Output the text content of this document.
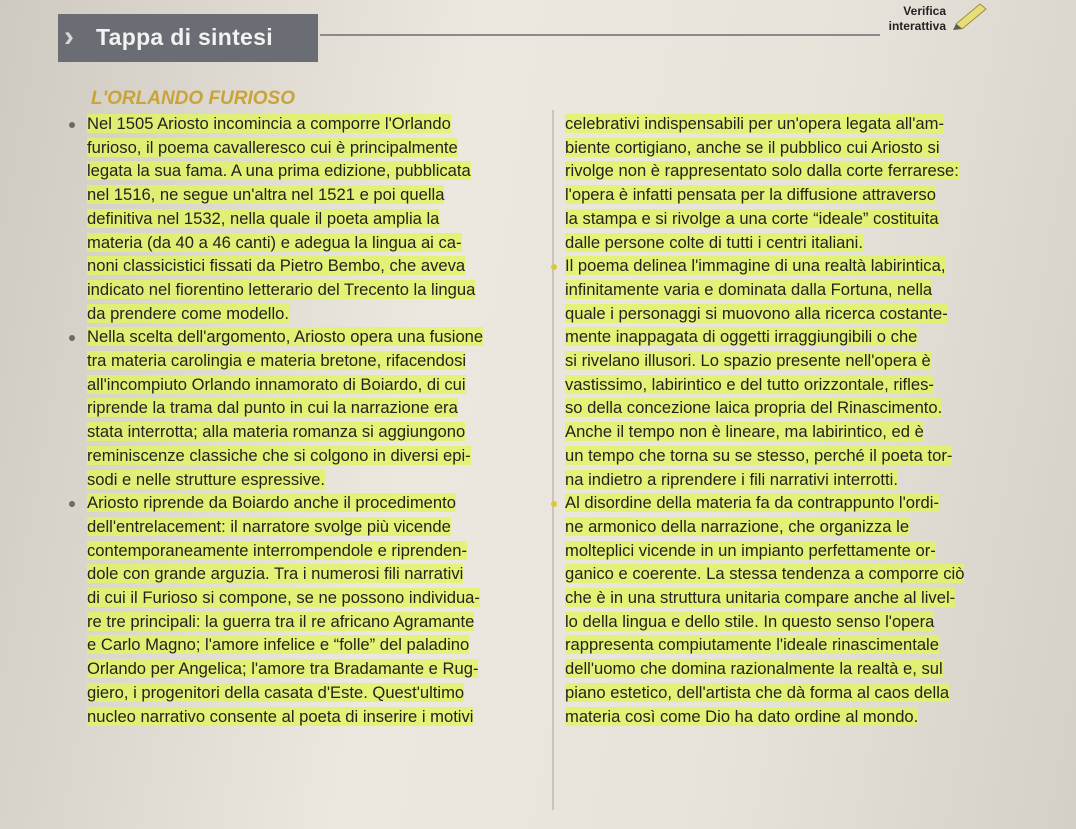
› Tappa di sintesi
Verifica
interattiva
L'ORLANDO FURIOSO
Nel 1505 Ariosto incomincia a comporre l'Orlando
furioso, il poema cavalleresco cui è principalmente
legata la sua fama. A una prima edizione, pubblicata
nel 1516, ne segue un'altra nel 1521 e poi quella
definitiva nel 1532, nella quale il poeta amplia la
materia (da 40 a 46 canti) e adegua la lingua ai ca-
noni classicistici fissati da Pietro Bembo, che aveva
indicato nel fiorentino letterario del Trecento la lingua
da prendere come modello.
Nella scelta dell'argomento, Ariosto opera una fusione
tra materia carolingia e materia bretone, rifacendosi
all'incompiuto Orlando innamorato di Boiardo, di cui
riprende la trama dal punto in cui la narrazione era
stata interrotta; alla materia romanza si aggiungono
reminiscenze classiche che si colgono in diversi epi-
sodi e nelle strutture espressive.
Ariosto riprende da Boiardo anche il procedimento
dell'entrelacement: il narratore svolge più vicende
contemporaneamente interrompendole e riprenden-
dole con grande arguzia. Tra i numerosi fili narrativi
di cui il Furioso si compone, se ne possono individua-
re tre principali: la guerra tra il re africano Agramante
e Carlo Magno; l'amore infelice e “folle” del paladino
Orlando per Angelica; l'amore tra Bradamante e Rug-
giero, i progenitori della casata d'Este. Quest'ultimo
nucleo narrativo consente al poeta di inserire i motivi
celebrativi indispensabili per un'opera legata all'am-
biente cortigiano, anche se il pubblico cui Ariosto si
rivolge non è rappresentato solo dalla corte ferrarese:
l'opera è infatti pensata per la diffusione attraverso
la stampa e si rivolge a una corte “ideale” costituita
dalle persone colte di tutti i centri italiani.
Il poema delinea l'immagine di una realtà labirintica,
infinitamente varia e dominata dalla Fortuna, nella
quale i personaggi si muovono alla ricerca costante-
mente inappagata di oggetti irraggiungibili o che
si rivelano illusori. Lo spazio presente nell'opera è
vastissimo, labirintico e del tutto orizzontale, rifles-
so della concezione laica propria del Rinascimento.
Anche il tempo non è lineare, ma labirintico, ed è
un tempo che torna su se stesso, perché il poeta tor-
na indietro a riprendere i fili narrativi interrotti.
Al disordine della materia fa da contrappunto l'ordi-
ne armonico della narrazione, che organizza le
molteplici vicende in un impianto perfettamente or-
ganico e coerente. La stessa tendenza a comporre ciò
che è in una struttura unitaria compare anche al livel-
lo della lingua e dello stile. In questo senso l'opera
rappresenta compiutamente l'ideale rinascimentale
dell'uomo che domina razionalmente la realtà e, sul
piano estetico, dell'artista che dà forma al caos della
materia così come Dio ha dato ordine al mondo.
